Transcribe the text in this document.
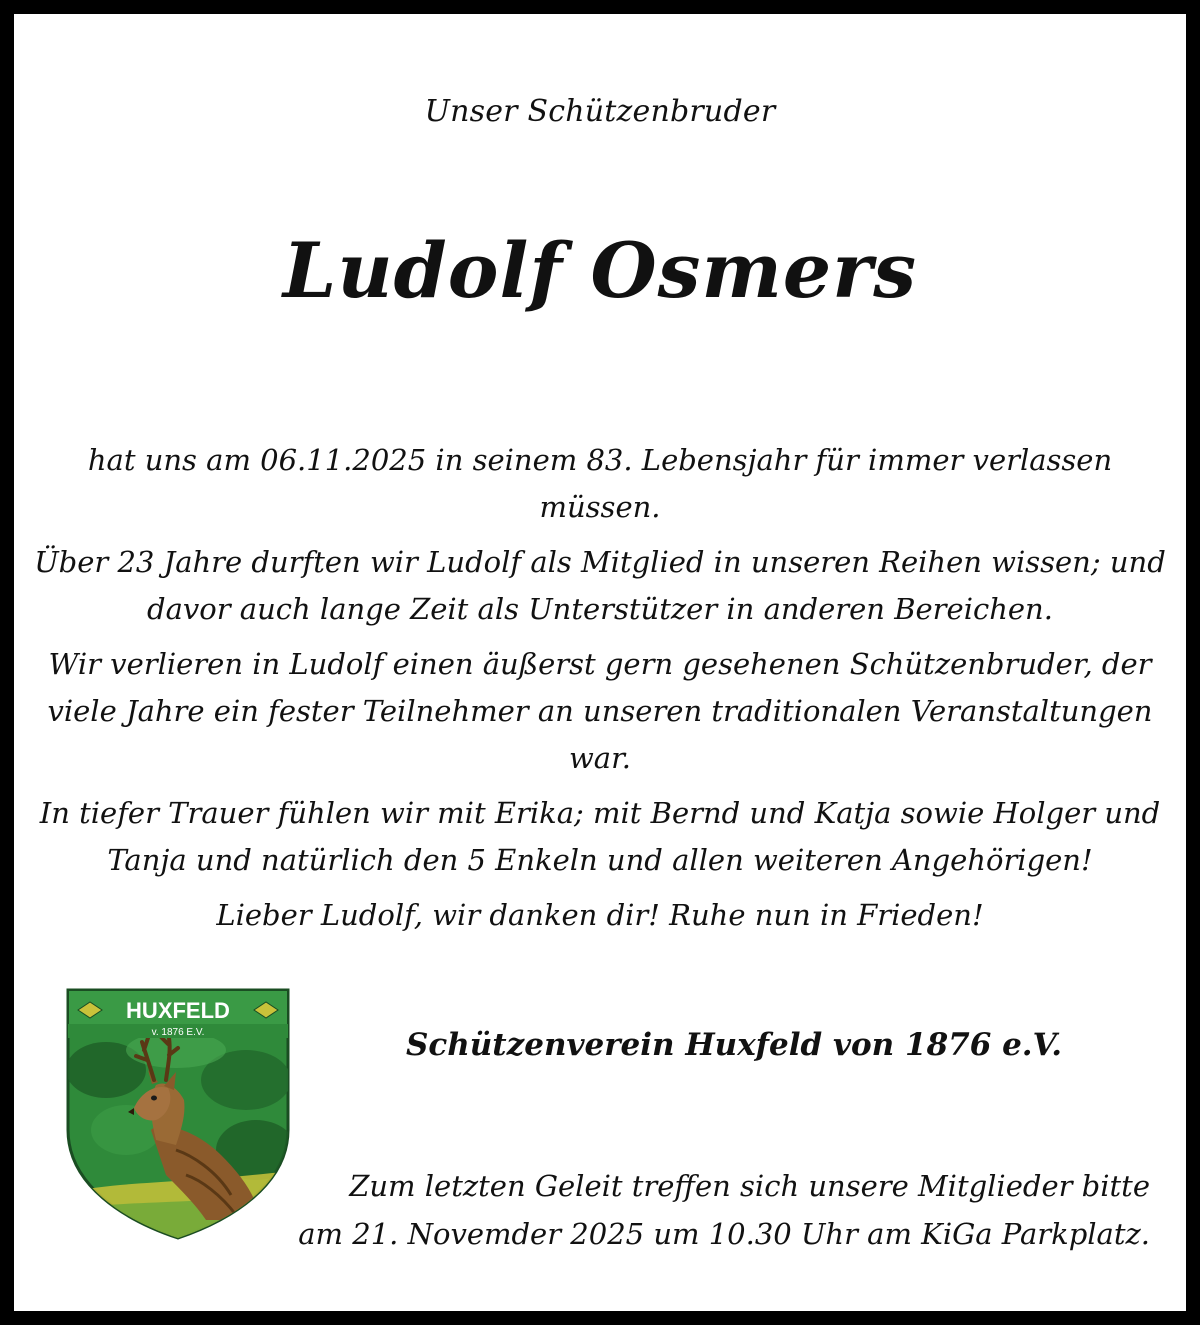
Unser Schützenbruder
Ludolf Osmers

hat uns am 06.11.2025 in seinem 83. Lebensjahr für immer verlassen müssen.

Über 23 Jahre durften wir Ludolf als Mitglied in unseren Reihen wissen; und davor auch lange Zeit als Unterstützer in anderen Bereichen.

Wir verlieren in Ludolf einen äußerst gern gesehenen Schützenbruder, der viele Jahre ein fester Teilnehmer an unseren traditionalen Veranstaltungen war.

In tiefer Trauer fühlen wir mit Erika; mit Bernd und Katja sowie Holger und Tanja und natürlich den 5 Enkeln und allen weiteren Angehörigen!

Lieber Ludolf, wir danken dir! Ruhe nun in Frieden!

HUXFELD
v. 1876 E.V.	Schützenverein Huxfeld von 1876 e.V.
Zum letzten Geleit treffen sich unsere Mitglieder bitte
am 21. Novemder 2025 um 10.30 Uhr am KiGa Parkplatz.
